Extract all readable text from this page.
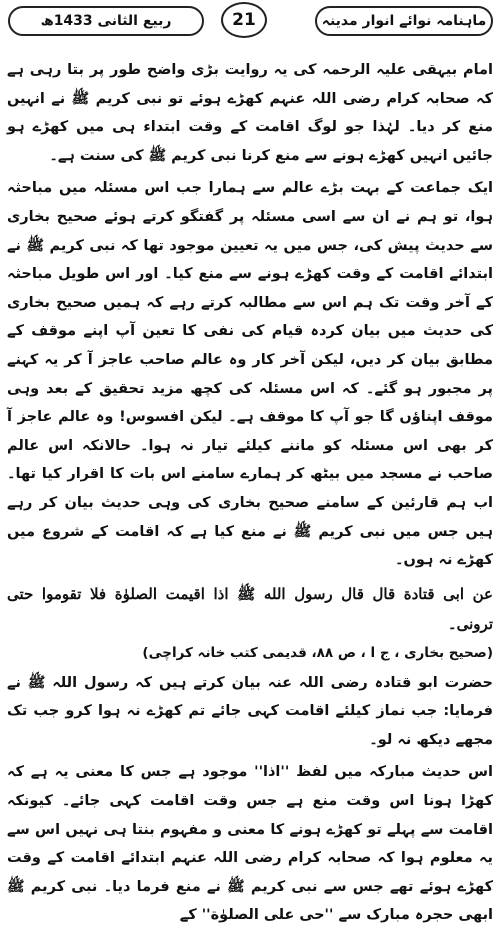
ربیع الثانی 1433ھ	21	ماہنامہ نوائے انوار مدینہ

امام بیہقی علیہ الرحمہ کی یہ روایت بڑی واضح طور پر بتا رہی ہے کہ صحابہ کرام رضی اللہ عنہم کھڑے ہوئے تو نبی کریم ﷺ نے انہیں منع کر دیا۔ لہٰذا جو لوگ اقامت کے وقت ابتداء ہی میں کھڑے ہو جائیں انہیں کھڑے ہونے سے منع کرنا نبی کریم ﷺ کی سنت ہے۔

ایک جماعت کے بہت بڑے عالم سے ہمارا جب اس مسئلہ میں مباحثہ ہوا، تو ہم نے ان سے اسی مسئلہ پر گفتگو کرتے ہوئے صحیح بخاری سے حدیث پیش کی، جس میں یہ تعیین موجود تھا کہ نبی کریم ﷺ نے ابتدائے اقامت کے وقت کھڑے ہونے سے منع کیا۔ اور اس طویل مباحثہ کے آخر وقت تک ہم اس سے مطالبہ کرتے رہے کہ ہمیں صحیح بخاری کی حدیث میں بیان کردہ قیام کی نفی کا تعین آپ اپنے موقف کے مطابق بیان کر دیں، لیکن آخر کار وہ عالم صاحب عاجز آ کر یہ کہنے پر مجبور ہو گئے۔ کہ اس مسئلہ کی کچھ مزید تحقیق کے بعد وہی موقف اپناؤں گا جو آپ کا موقف ہے۔ لیکن افسوس! وہ عالم عاجز آ کر بھی اس مسئلہ کو ماننے کیلئے تیار نہ ہوا۔ حالانکہ اس عالم صاحب نے مسجد میں بیٹھ کر ہمارے سامنے اس بات کا اقرار کیا تھا۔ اب ہم قارئین کے سامنے صحیح بخاری کی وہی حدیث بیان کر رہے ہیں جس میں نبی کریم ﷺ نے منع کیا ہے کہ اقامت کے شروع میں کھڑے نہ ہوں۔

عن ابی قتادة قال قال رسول الله ﷺ اذا اقیمت الصلوٰة فلا تقوموا حتی ترونی۔

(صحیح بخاری ، ج ا ، ص ۸۸، قدیمی کتب خانہ کراچی)

حضرت ابو قتادہ رضی اللہ عنہ بیان کرتے ہیں کہ رسول اللہ ﷺ نے فرمایا: جب نماز کیلئے اقامت کہی جائے تم کھڑے نہ ہوا کرو جب تک مجھے دیکھ نہ لو۔

اس حدیث مبارکہ میں لفظ ''اذا'' موجود ہے جس کا معنی یہ ہے کہ کھڑا ہونا اس وقت منع ہے جس وقت اقامت کہی جائے۔ کیونکہ اقامت سے پہلے تو کھڑے ہونے کا معنی و مفہوم بنتا ہی نہیں اس سے یہ معلوم ہوا کہ صحابہ کرام رضی اللہ عنہم ابتدائے اقامت کے وقت کھڑے ہوئے تھے جس سے نبی کریم ﷺ نے منع فرما دیا۔ نبی کریم ﷺ ابھی حجرہ مبارک سے ''حی علی الصلوٰة'' کے
